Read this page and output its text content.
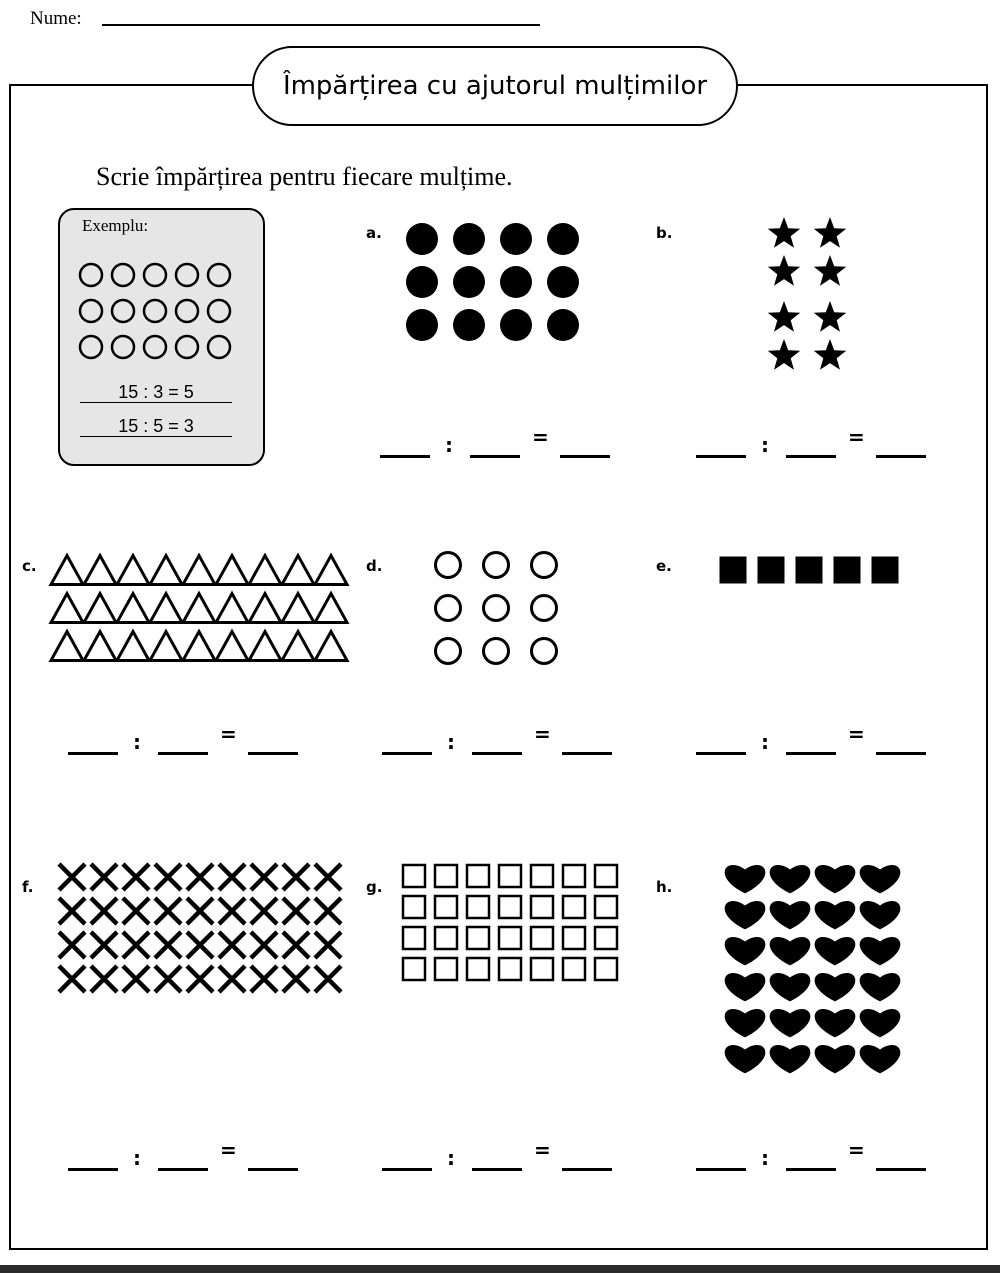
Nume:
Împărțirea cu ajutorul mulțimilor
Scrie împărțirea pentru fiecare mulțime.
Exemplu:
15 : 3 = 5
15 : 5 = 3
a.	b.
c.	d.	e.
f.	g.	h.
:	=	:	=
:	=	:	=	:	=
:	=	:	=	:	=
